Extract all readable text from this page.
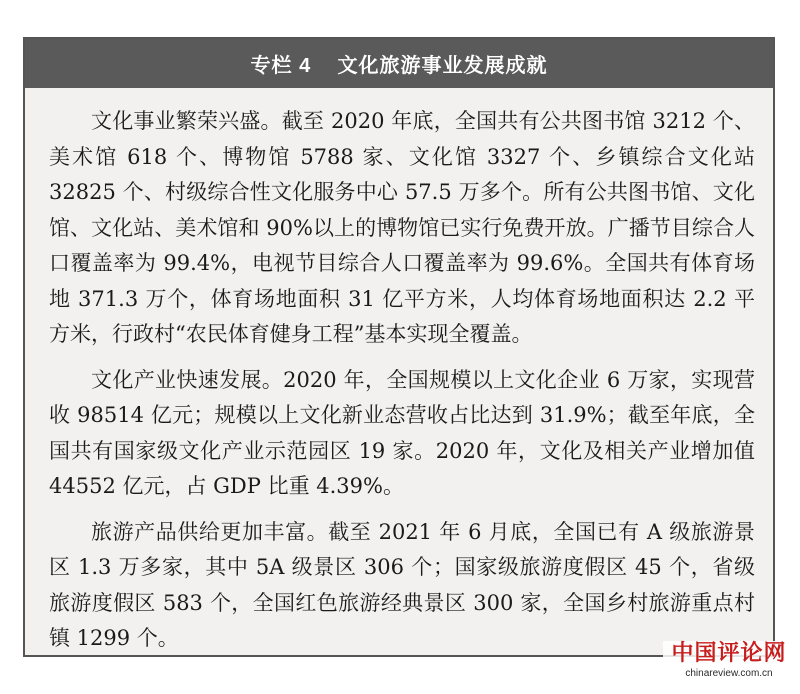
专栏 4
文化旅游事业发展成就

文化事业繁荣兴盛。截至 2020 年底，全国共有公共图书馆 3212 个、美术馆 618 个、博物馆 5788 家、文化馆 3327 个、乡镇综合文化站 32825 个、村级综合性文化服务中心 57.5 万多个。所有公共图书馆、文化馆、文化站、美术馆和 90%以上的博物馆已实行免费开放。广播节目综合人口覆盖率为 99.4%，电视节目综合人口覆盖率为 99.6%。全国共有体育场地 371.3 万个，体育场地面积 31 亿平方米，人均体育场地面积达 2.2 平方米，行政村“农民体育健身工程”基本实现全覆盖。

文化产业快速发展。2020 年，全国规模以上文化企业 6 万家，实现营收 98514 亿元；规模以上文化新业态营收占比达到 31.9%；截至年底，全国共有国家级文化产业示范园区 19 家。2020 年，文化及相关产业增加值 44552 亿元，占 GDP 比重 4.39%。

旅游产品供给更加丰富。截至 2021 年 6 月底，全国已有 A 级旅游景区 1.3 万多家，其中 5A 级景区 306 个；国家级旅游度假区 45 个，省级旅游度假区 583 个，全国红色旅游经典景区 300 家，全国乡村旅游重点村镇 1299 个。

中国评论网
chinareview.com.cn
